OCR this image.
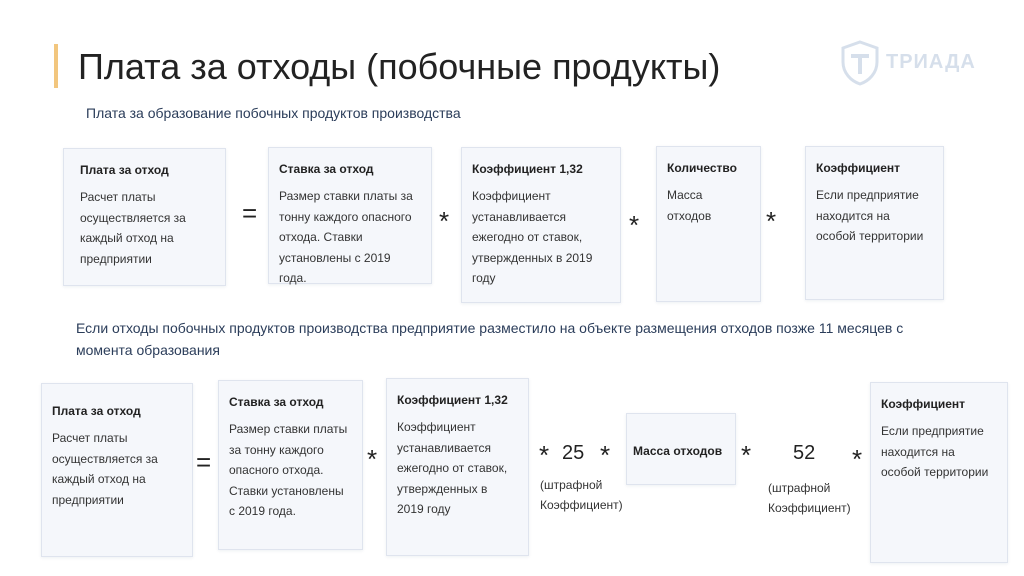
Плата за отходы (побочные продукты)	ТРИАДА
Плата за образование побочных продуктов производства
Плата за отход
Расчет платы осуществляется за каждый отход на предприятии
=
Ставка за отход
Размер ставки платы за тонну каждого опасного отхода. Ставки установлены с 2019 года.
*
Коэффициент 1,32
Коэффициент устанавливается ежегодно от ставок, утвержденных в 2019 году
*
Количество
Масса отходов	*
Коэффициент
Если предприятие находится на особой территории
Если отходы побочных продуктов производства предприятие разместило на объекте размещения отходов позже 11 месяцев с момента образования
Плата за отход
Расчет платы осуществляется за каждый отход на предприятии
=
Ставка за отход
Размер ставки платы за тонну каждого опасного отхода. Ставки установлены с 2019 года.
*
Коэффициент 1,32
Коэффициент устанавливается ежегодно от ставок, утвержденных в 2019 году
* 25 *
(штрафной Коэффициент)
Масса отходов * 52
(штрафной Коэффициент)
*
Коэффициент
Если предприятие находится на особой территории
